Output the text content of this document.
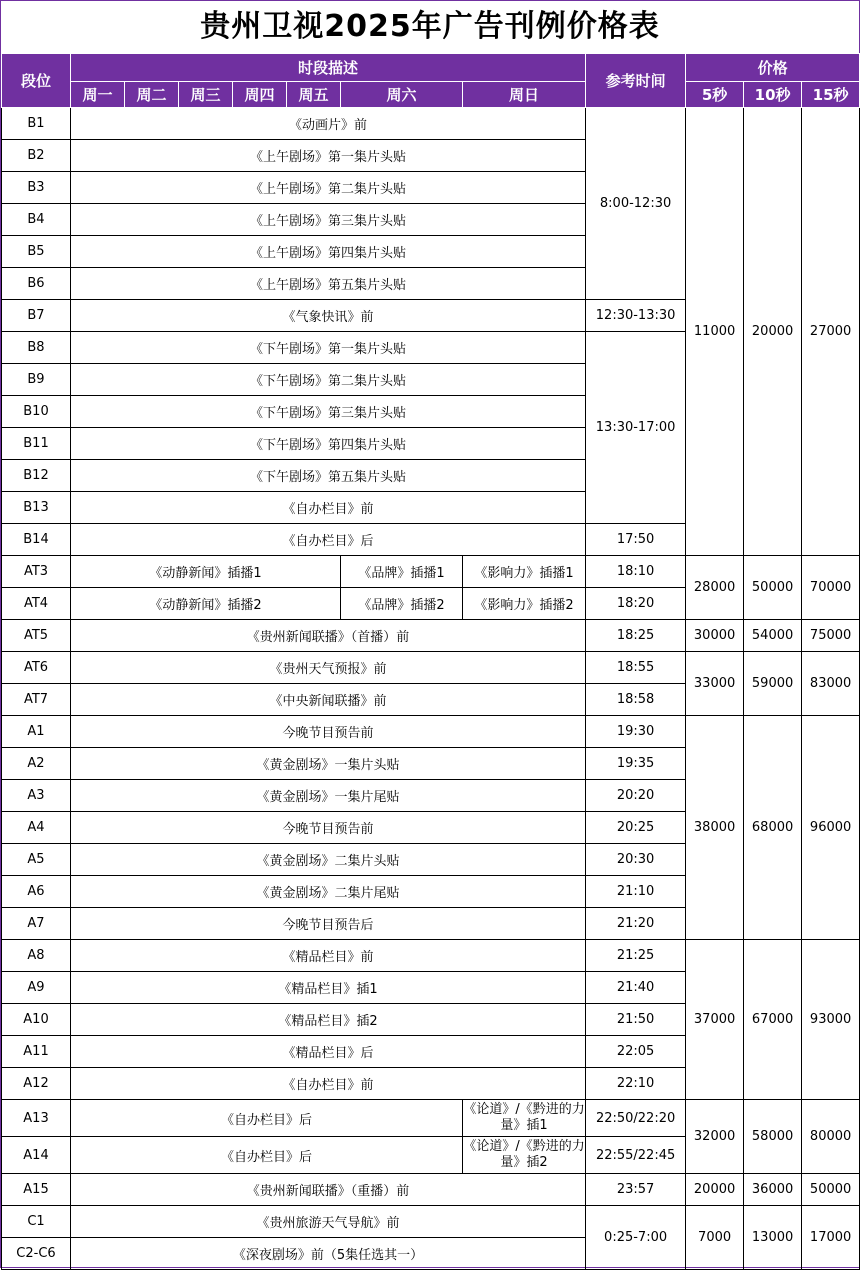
贵州卫视2025年广告刊例价格表
段位	时段描述							参考时间	价格		
	周一	周二	周三	周四	周五	周六	周日		5秒	10秒	15秒
B1	《动画片》前							8:00-12:30	11000	20000	27000
B2	《上午剧场》第一集片头贴										
B3	《上午剧场》第二集片头贴										
B4	《上午剧场》第三集片头贴										
B5	《上午剧场》第四集片头贴										
B6	《上午剧场》第五集片头贴										
B7	《气象快讯》前							12:30-13:30			
B8	《下午剧场》第一集片头贴							13:30-17:00			
B9	《下午剧场》第二集片头贴										
B10	《下午剧场》第三集片头贴										
B11	《下午剧场》第四集片头贴										
B12	《下午剧场》第五集片头贴										
B13	《自办栏目》前										
B14	《自办栏目》后							17:50			
AT3	《动静新闻》插播1					《品牌》插播1	《影响力》插播1	18:10	28000	50000	70000
AT4	《动静新闻》插播2					《品牌》插播2	《影响力》插播2	18:20			
AT5	《贵州新闻联播》（首播）前							18:25	30000	54000	75000
AT6	《贵州天气预报》前							18:55	33000	59000	83000
AT7	《中央新闻联播》前							18:58			
A1	今晚节目预告前							19:30	38000	68000	96000
A2	《黄金剧场》一集片头贴							19:35			
A3	《黄金剧场》一集片尾贴							20:20			
A4	今晚节目预告前							20:25			
A5	《黄金剧场》二集片头贴							20:30			
A6	《黄金剧场》二集片尾贴							21:10			
A7	今晚节目预告后							21:20			
A8	《精品栏目》前							21:25	37000	67000	93000
A9	《精品栏目》插1							21:40			
A10	《精品栏目》插2							21:50			
A11	《精品栏目》后							22:05			
A12	《自办栏目》前							22:10			
A13	《自办栏目》后						《论道》/《黔进的力量》插1	22:50/22:20	32000	58000	80000
A14	《自办栏目》后						《论道》/《黔进的力量》插2	22:55/22:45			
A15	《贵州新闻联播》（重播）前							23:57	20000	36000	50000
C1	《贵州旅游天气导航》前							0:25-7:00	7000	13000	17000
C2-C6	《深夜剧场》前（5集任选其一）										
